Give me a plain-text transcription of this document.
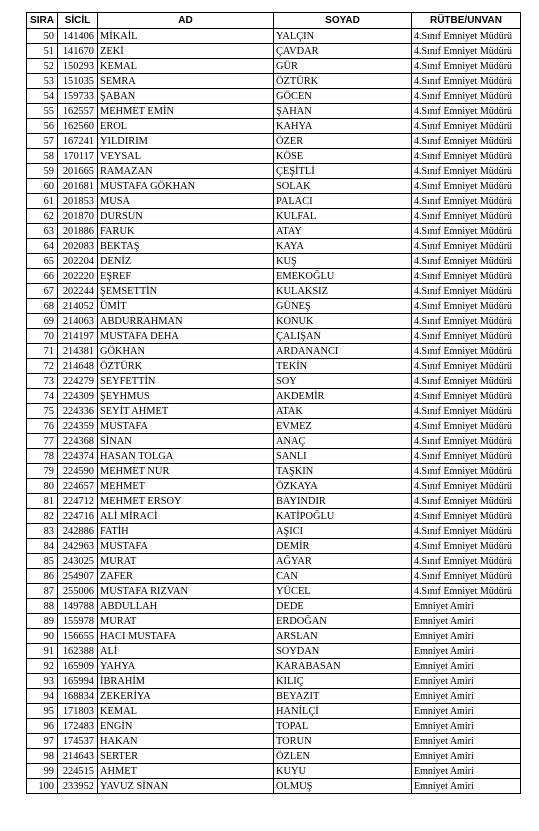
SIRA	SİCİL	AD	SOYAD	RÜTBE/UNVAN
50	141406	MİKAİL	YALÇIN	4.Sınıf Emniyet Müdürü
51	141670	ZEKİ	ÇAVDAR	4.Sınıf Emniyet Müdürü
52	150293	KEMAL	GÜR	4.Sınıf Emniyet Müdürü
53	151035	SEMRA	ÖZTÜRK	4.Sınıf Emniyet Müdürü
54	159733	ŞABAN	GÖCEN	4.Sınıf Emniyet Müdürü
55	162557	MEHMET EMİN	ŞAHAN	4.Sınıf Emniyet Müdürü
56	162560	EROL	KAHYA	4.Sınıf Emniyet Müdürü
57	167241	YILDIRIM	ÖZER	4.Sınıf Emniyet Müdürü
58	170117	VEYSAL	KÖSE	4.Sınıf Emniyet Müdürü
59	201665	RAMAZAN	ÇEŞİTLİ	4.Sınıf Emniyet Müdürü
60	201681	MUSTAFA GÖKHAN	SOLAK	4.Sınıf Emniyet Müdürü
61	201853	MUSA	PALACI	4.Sınıf Emniyet Müdürü
62	201870	DURSUN	KULFAL	4.Sınıf Emniyet Müdürü
63	201886	FARUK	ATAY	4.Sınıf Emniyet Müdürü
64	202083	BEKTAŞ	KAYA	4.Sınıf Emniyet Müdürü
65	202204	DENİZ	KUŞ	4.Sınıf Emniyet Müdürü
66	202220	EŞREF	EMEKOĞLU	4.Sınıf Emniyet Müdürü
67	202244	ŞEMSETTİN	KULAKSIZ	4.Sınıf Emniyet Müdürü
68	214052	ÜMİT	GÜNEŞ	4.Sınıf Emniyet Müdürü
69	214063	ABDURRAHMAN	KONUK	4.Sınıf Emniyet Müdürü
70	214197	MUSTAFA DEHA	ÇALIŞAN	4.Sınıf Emniyet Müdürü
71	214381	GÖKHAN	ARDANANCI	4.Sınıf Emniyet Müdürü
72	214648	ÖZTÜRK	TEKİN	4.Sınıf Emniyet Müdürü
73	224279	SEYFETTİN	SOY	4.Sınıf Emniyet Müdürü
74	224309	ŞEYHMUS	AKDEMİR	4.Sınıf Emniyet Müdürü
75	224336	SEYİT AHMET	ATAK	4.Sınıf Emniyet Müdürü
76	224359	MUSTAFA	EVMEZ	4.Sınıf Emniyet Müdürü
77	224368	SİNAN	ANAÇ	4.Sınıf Emniyet Müdürü
78	224374	HASAN TOLGA	SANLI	4.Sınıf Emniyet Müdürü
79	224590	MEHMET NUR	TAŞKIN	4.Sınıf Emniyet Müdürü
80	224657	MEHMET	ÖZKAYA	4.Sınıf Emniyet Müdürü
81	224712	MEHMET ERSOY	BAYINDIR	4.Sınıf Emniyet Müdürü
82	224716	ALİ MİRACİ	KATİPOĞLU	4.Sınıf Emniyet Müdürü
83	242886	FATİH	AŞICI	4.Sınıf Emniyet Müdürü
84	242963	MUSTAFA	DEMİR	4.Sınıf Emniyet Müdürü
85	243025	MURAT	AĞYAR	4.Sınıf Emniyet Müdürü
86	254907	ZAFER	CAN	4.Sınıf Emniyet Müdürü
87	255006	MUSTAFA RIZVAN	YÜCEL	4.Sınıf Emniyet Müdürü
88	149788	ABDULLAH	DEDE	Emniyet Amiri
89	155978	MURAT	ERDOĞAN	Emniyet Amiri
90	156655	HACI MUSTAFA	ARSLAN	Emniyet Amiri
91	162388	ALİ	SOYDAN	Emniyet Amiri
92	165909	YAHYA	KARABASAN	Emniyet Amiri
93	165994	İBRAHİM	KILIÇ	Emniyet Amiri
94	168834	ZEKERİYA	BEYAZIT	Emniyet Amiri
95	171803	KEMAL	HANİLÇİ	Emniyet Amiri
96	172483	ENGİN	TOPAL	Emniyet Amiri
97	174537	HAKAN	TORUN	Emniyet Amiri
98	214643	SERTER	ÖZLEN	Emniyet Amiri
99	224515	AHMET	KUYU	Emniyet Amiri
100	233952	YAVUZ SİNAN	OLMUŞ	Emniyet Amiri
